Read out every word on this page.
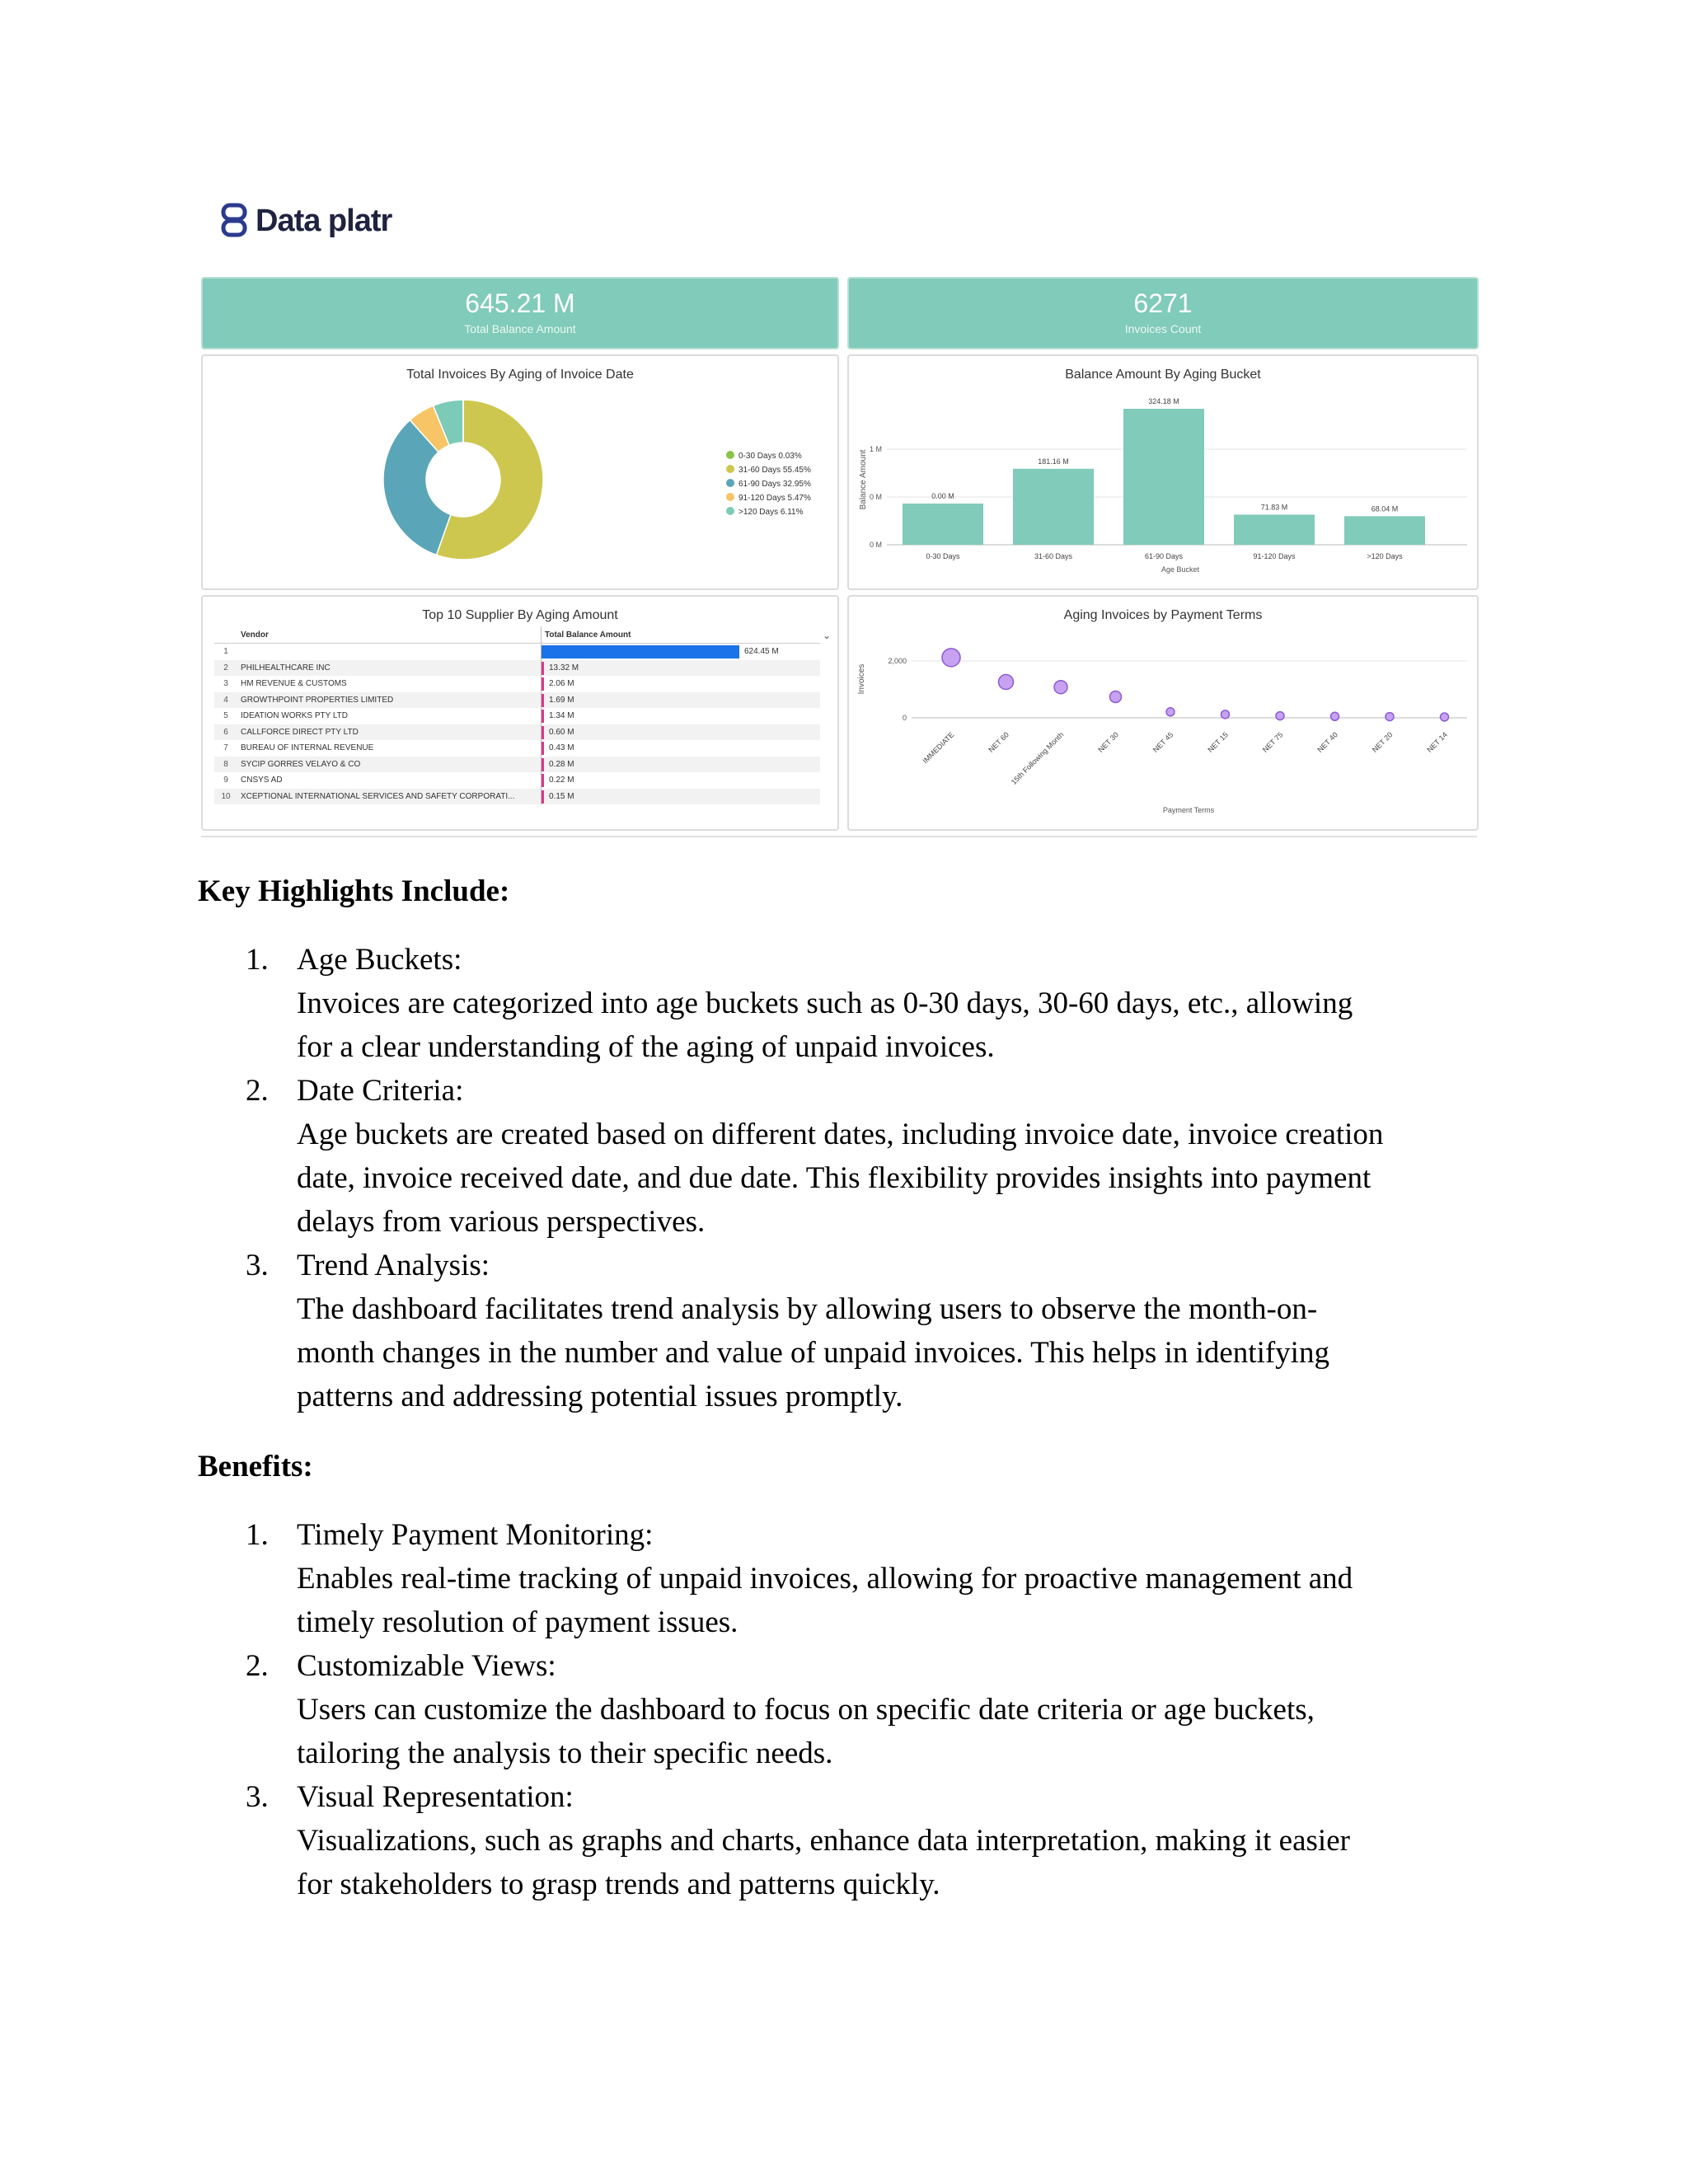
Data platr
645.21 M
Total Balance Amount
6271
Invoices Count
Total Invoices By Aging of Invoice Date
0-30 Days 0.03%
31-60 Days 55.45%
61-90 Days 32.95%
91-120 Days 5.47%
>120 Days 6.11%
Balance Amount By Aging Bucket
Balance Amount
1 M
0 M
0 M
0.00 M
0-30 Days
181.16 M
31-60 Days
324.18 M
61-90 Days
71.83 M
91-120 Days
68.04 M
>120 Days
Age Bucket
Top 10 Supplier By Aging Amount
⌄
	Vendor	Total Balance Amount
1		624.45 M

2	PHILHEALTHCARE INC	13.32 M

3	HM REVENUE & CUSTOMS	2.06 M

4	GROWTHPOINT PROPERTIES LIMITED	1.69 M

5	IDEATION WORKS PTY LTD	1.34 M

6	CALLFORCE DIRECT PTY LTD	0.60 M

7	BUREAU OF INTERNAL REVENUE	0.43 M

8	SYCIP GORRES VELAYO & CO	0.28 M

9	CNSYS AD	0.22 M

10	XCEPTIONAL INTERNATIONAL SERVICES AND SAFETY CORPORATI...	0.15 M
Aging Invoices by Payment Terms
Invoices
2,000
0
IMMEDIATE	NET 60
15th Following Month	NET 30	NET 45	NET 15	NET 75	NET 40	NET 20	NET 14
Payment Terms
Key Highlights Include:
1. Age Buckets:
Invoices are categorized into age buckets such as 0-30 days, 30-60 days, etc., allowing
for a clear understanding of the aging of unpaid invoices.
2. Date Criteria:
Age buckets are created based on different dates, including invoice date, invoice creation
date, invoice received date, and due date. This flexibility provides insights into payment
delays from various perspectives.
3. Trend Analysis:
The dashboard facilitates trend analysis by allowing users to observe the month-on-
month changes in the number and value of unpaid invoices. This helps in identifying
patterns and addressing potential issues promptly.
Benefits:
1. Timely Payment Monitoring:
Enables real-time tracking of unpaid invoices, allowing for proactive management and
timely resolution of payment issues.
2. Customizable Views:
Users can customize the dashboard to focus on specific date criteria or age buckets,
tailoring the analysis to their specific needs.
3. Visual Representation:
Visualizations, such as graphs and charts, enhance data interpretation, making it easier
for stakeholders to grasp trends and patterns quickly.
